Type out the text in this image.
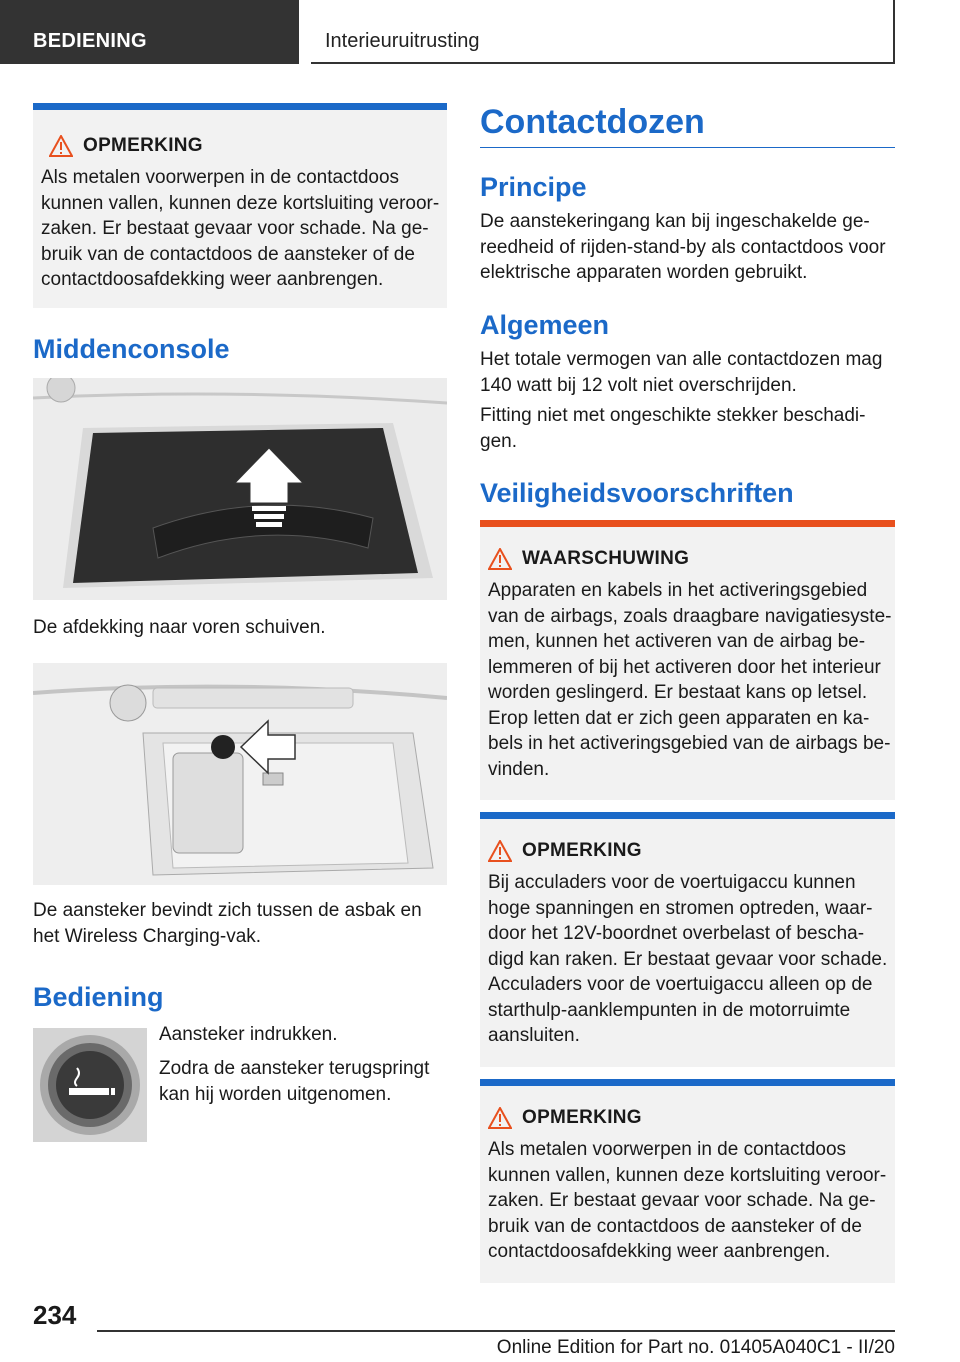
BEDIENING	Interieuruitrusting
OPMERKING
Als metalen voorwerpen in de contactdoos
kunnen vallen, kunnen deze kortsluiting veroor-
zaken. Er bestaat gevaar voor schade. Na ge-
bruik van de contactdoos de aansteker of de
contactdoosafdekking weer aanbrengen.
Middenconsole

De afdekking naar voren schuiven.

De aansteker bevindt zich tussen de asbak en
het Wireless Charging-vak.

Bediening

Aansteker indrukken.

Zodra de aansteker terugspringt
kan hij worden uitgenomen.

Contactdozen
Principe

De aanstekeringang kan bij ingeschakelde ge-
reedheid of rijden-stand-by als contactdoos voor
elektrische apparaten worden gebruikt.

Algemeen

Het totale vermogen van alle contactdozen mag
140 watt bij 12 volt niet overschrijden.

Fitting niet met ongeschikte stekker beschadi-
gen.

Veiligheidsvoorschriften
WAARSCHUWING
Apparaten en kabels in het activeringsgebied
van de airbags, zoals draagbare navigatiesyste-
men, kunnen het activeren van de airbag be-
lemmeren of bij het activeren door het interieur
worden geslingerd. Er bestaat kans op letsel.
Erop letten dat er zich geen apparaten en ka-
bels in het activeringsgebied van de airbags be-
vinden.
OPMERKING
Bij acculaders voor de voertuigaccu kunnen
hoge spanningen en stromen optreden, waar-
door het 12V-boordnet overbelast of bescha-
digd kan raken. Er bestaat gevaar voor schade.
Acculaders voor de voertuigaccu alleen op de
starthulp-aanklempunten in de motorruimte
aansluiten.
OPMERKING
Als metalen voorwerpen in de contactdoos
kunnen vallen, kunnen deze kortsluiting veroor-
zaken. Er bestaat gevaar voor schade. Na ge-
bruik van de contactdoos de aansteker of de
contactdoosafdekking weer aanbrengen.
234
Online Edition for Part no. 01405A040C1 - II/20
